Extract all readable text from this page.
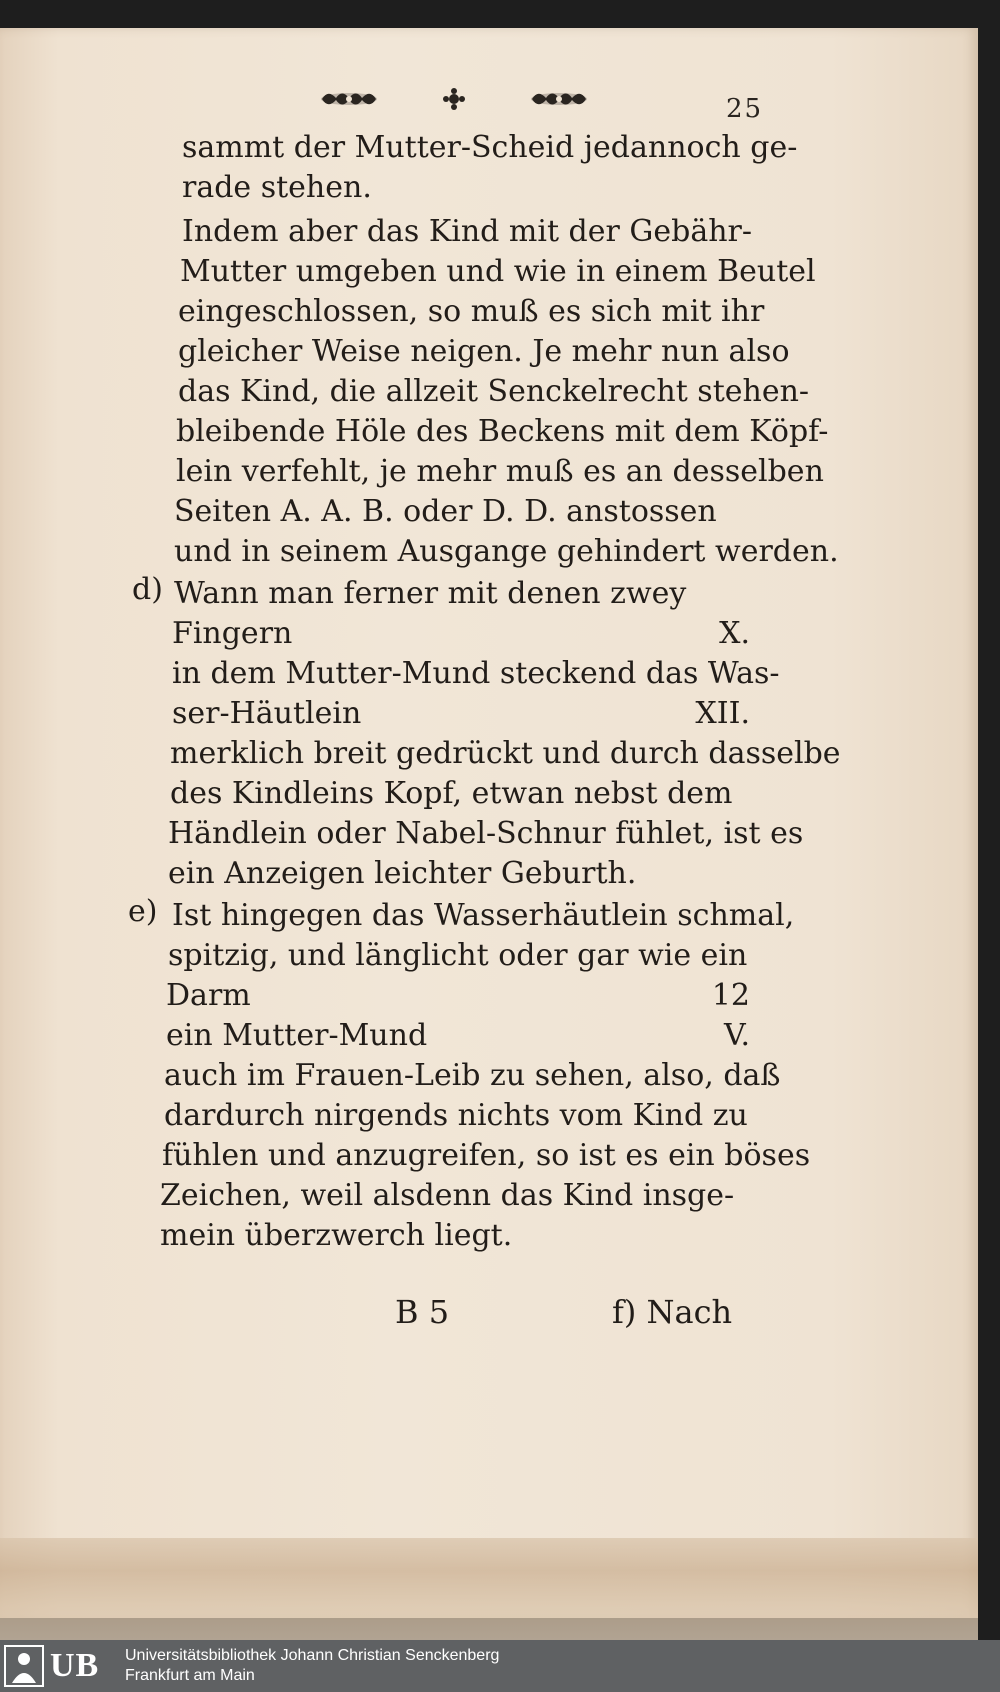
25
sammt der Mutter-Scheid jedannoch ge-
rade stehen.
Indem aber das Kind mit der Gebähr-
Mutter umgeben und wie in einem Beutel
eingeschlossen, so muß es sich mit ihr
gleicher Weise neigen. Je mehr nun also
das Kind, die allzeit Senckelrecht stehen-
bleibende Höle des Beckens mit dem Köpf-
lein verfehlt, je mehr muß es an desselben
Seiten A. A. B. oder D. D. anstossen
und in seinem Ausgange gehindert werden.
d) Wann man ferner mit denen zwey
Fingern	X.
in dem Mutter-Mund steckend das Was-
ser-Häutlein	XII.
merklich breit gedrückt und durch dasselbe
des Kindleins Kopf, etwan nebst dem
Händlein oder Nabel-Schnur fühlet, ist es
ein Anzeigen leichter Geburth.
e) Ist hingegen das Wasserhäutlein schmal,
spitzig, und länglicht oder gar wie ein
Darm	12
ein Mutter-Mund	V.
auch im Frauen-Leib zu sehen, also, daß
dardurch nirgends nichts vom Kind zu
fühlen und anzugreifen, so ist es ein böses
Zeichen, weil alsdenn das Kind insge-
mein überzwerch liegt.
B 5	f) Nach
UB Universitätsbibliothek Johann Christian Senckenberg
Frankfurt am Main
